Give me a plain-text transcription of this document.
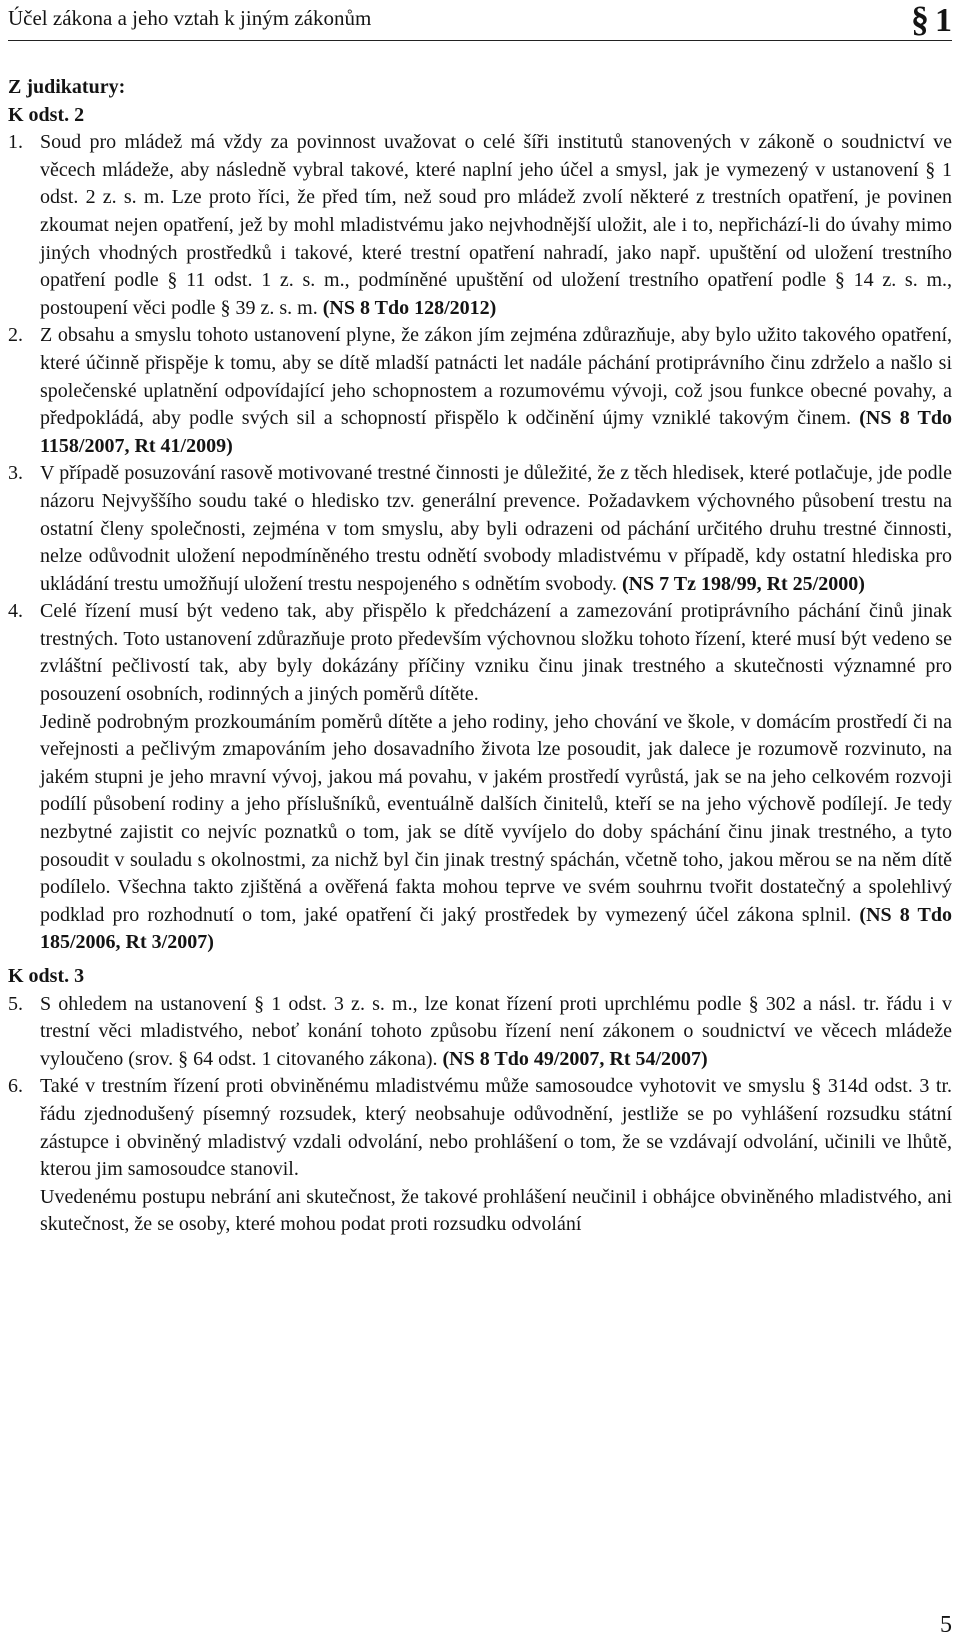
Účel zákona a jeho vztah k jiným zákonům	§ 1
Z judikatury:
K odst. 2
1. Soud pro mládež má vždy za povinnost uvažovat o celé šíři institutů stanovených v zákoně o soudnictví ve věcech mládeže, aby následně vybral takové, které naplní jeho účel a smysl, jak je vymezený v ustanovení § 1 odst. 2 z. s. m. Lze proto říci, že před tím, než soud pro mládež zvolí některé z trestních opatření, je povinen zkoumat nejen opatření, jež by mohl mladistvému jako nejvhodnější uložit, ale i to, nepřichází-li do úvahy mimo jiných vhodných prostředků i takové, které trestní opatření nahradí, jako např. upuštění od uložení trestního opatření podle § 11 odst. 1 z. s. m., podmíněné upuštění od uložení trestního opatření podle § 14 z. s. m., postoupení věci podle § 39 z. s. m. (NS 8 Tdo 128/2012)
2. Z obsahu a smyslu tohoto ustanovení plyne, že zákon jím zejména zdůrazňuje, aby bylo užito takového opatření, které účinně přispěje k tomu, aby se dítě mladší patnácti let nadále páchání protiprávního činu zdrželo a našlo si společenské uplatnění odpovídající jeho schopnostem a rozumovému vývoji, což jsou funkce obecné povahy, a předpokládá, aby podle svých sil a schopností přispělo k odčinění újmy vzniklé takovým činem. (NS 8 Tdo 1158/2007, Rt 41/2009)
3. V případě posuzování rasově motivované trestné činnosti je důležité, že z těch hledisek, které potlačuje, jde podle názoru Nejvyššího soudu také o hledisko tzv. generální prevence. Požadavkem výchovného působení trestu na ostatní členy společnosti, zejména v tom smyslu, aby byli odrazeni od páchání určitého druhu trestné činnosti, nelze odůvodnit uložení nepodmíněného trestu odnětí svobody mladistvému v případě, kdy ostatní hlediska pro ukládání trestu umožňují uložení trestu nespojeného s odnětím svobody. (NS 7 Tz 198/99, Rt 25/2000)
4. Celé řízení musí být vedeno tak, aby přispělo k předcházení a zamezování protiprávního páchání činů jinak trestných. Toto ustanovení zdůrazňuje proto především výchovnou složku tohoto řízení, které musí být vedeno se zvláštní pečlivostí tak, aby byly dokázány příčiny vzniku činu jinak trestného a skutečnosti významné pro posouzení osobních, rodinných a jiných poměrů dítěte.
Jedině podrobným prozkoumáním poměrů dítěte a jeho rodiny, jeho chování ve škole, v domácím prostředí či na veřejnosti a pečlivým zmapováním jeho dosavadního života lze posoudit, jak dalece je rozumově rozvinuto, na jakém stupni je jeho mravní vývoj, jakou má povahu, v jakém prostředí vyrůstá, jak se na jeho celkovém rozvoji podílí působení rodiny a jeho příslušníků, eventuálně dalších činitelů, kteří se na jeho výchově podílejí. Je tedy nezbytné zajistit co nejvíc poznatků o tom, jak se dítě vyvíjelo do doby spáchání činu jinak trestného, a tyto posoudit v souladu s okolnostmi, za nichž byl čin jinak trestný spáchán, včetně toho, jakou měrou se na něm dítě podílelo. Všechna takto zjištěná a ověřená fakta mohou teprve ve svém souhrnu tvořit dostatečný a spolehlivý podklad pro rozhodnutí o tom, jaké opatření či jaký prostředek by vymezený účel zákona splnil. (NS 8 Tdo 185/2006, Rt 3/2007)
K odst. 3
5. S ohledem na ustanovení § 1 odst. 3 z. s. m., lze konat řízení proti uprchlému podle § 302 a násl. tr. řádu i v trestní věci mladistvého, neboť konání tohoto způsobu řízení není zákonem o soudnictví ve věcech mládeže vyloučeno (srov. § 64 odst. 1 citovaného zákona). (NS 8 Tdo 49/2007, Rt 54/2007)
6. Také v trestním řízení proti obviněnému mladistvému může samosoudce vyhotovit ve smyslu § 314d odst. 3 tr. řádu zjednodušený písemný rozsudek, který neobsahuje odůvodnění, jestliže se po vyhlášení rozsudku státní zástupce i obviněný mladistvý vzdali odvolání, nebo prohlášení o tom, že se vzdávají odvolání, učinili ve lhůtě, kterou jim samosoudce stanovil.
Uvedenému postupu nebrání ani skutečnost, že takové prohlášení neučinil i obhájce obviněného mladistvého, ani skutečnost, že se osoby, které mohou podat proti rozsudku odvolání
5
